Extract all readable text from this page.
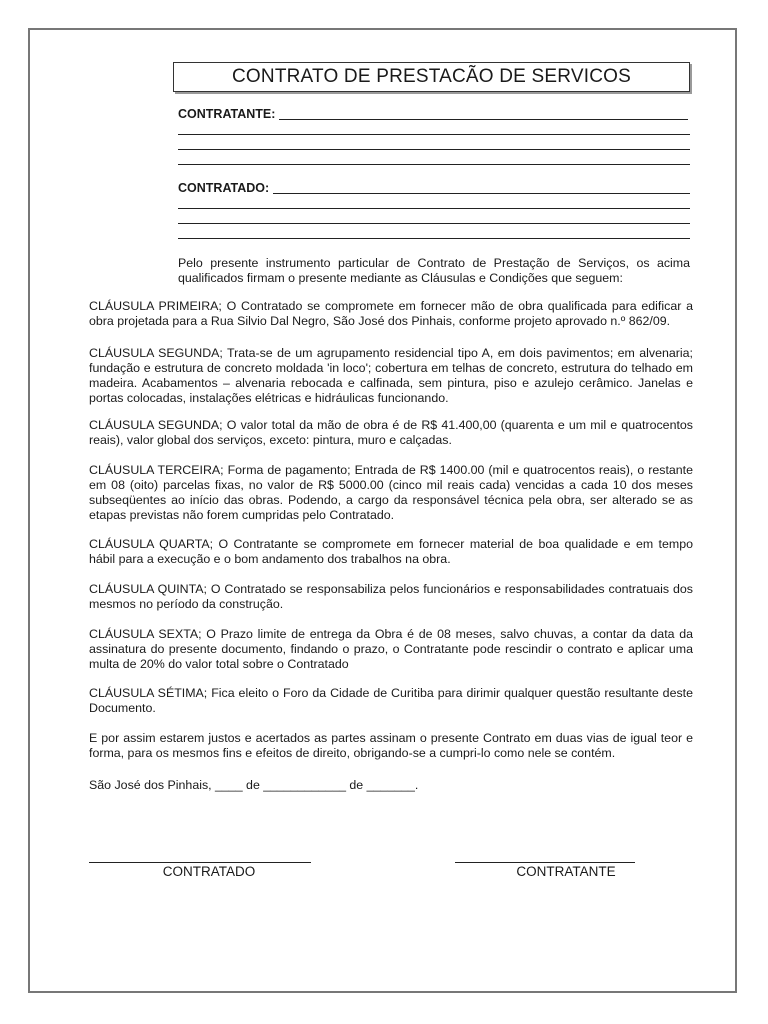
CONTRATO DE PRESTACÃO DE SERVICOS
CONTRATANTE:
CONTRATADO:
Pelo presente instrumento particular de Contrato de Prestação de Serviços, os acima qualificados firmam o presente mediante as Cláusulas e Condições que seguem:
CLÁUSULA PRIMEIRA; O Contratado se compromete em fornecer mão de obra qualificada para edificar a obra projetada para a Rua Silvio Dal Negro, São José dos Pinhais, conforme projeto aprovado n.º 862/09.
CLÁUSULA SEGUNDA; Trata-se de um agrupamento residencial tipo A, em dois pavimentos; em alvenaria; fundação e estrutura de concreto moldada 'in loco'; cobertura em telhas de concreto, estrutura do telhado em madeira. Acabamentos – alvenaria rebocada e calfinada, sem pintura, piso e azulejo cerâmico. Janelas e portas colocadas, instalações elétricas e hidráulicas funcionando.
CLÁUSULA SEGUNDA; O valor total da mão de obra é de R$ 41.400,00 (quarenta e um mil e quatrocentos reais), valor global dos serviços, exceto: pintura, muro e calçadas.
CLÁUSULA TERCEIRA; Forma de pagamento; Entrada de R$ 1400.00 (mil e quatrocentos reais), o restante em 08 (oito) parcelas fixas, no valor de R$ 5000.00 (cinco mil reais cada) vencidas a cada 10 dos meses subseqüentes ao início das obras. Podendo, a cargo da responsável técnica pela obra, ser alterado se as etapas previstas não forem cumpridas pelo Contratado.
CLÁUSULA QUARTA; O Contratante se compromete em fornecer material de boa qualidade e em tempo hábil para a execução e o bom andamento dos trabalhos na obra.
CLÁUSULA QUINTA; O Contratado se responsabiliza pelos funcionários e responsabilidades contratuais dos mesmos no período da construção.
CLÁUSULA SEXTA; O Prazo limite de entrega da Obra é de 08 meses, salvo chuvas, a contar da data da assinatura do presente documento, findando o prazo, o Contratante pode rescindir o contrato e aplicar uma multa de 20% do valor total sobre o Contratado
CLÁUSULA SÉTIMA; Fica eleito o Foro da Cidade de Curitiba para dirimir qualquer questão resultante deste Documento.
E por assim estarem justos e acertados as partes assinam o presente Contrato em duas vias de igual teor e forma, para os mesmos fins e efeitos de direito, obrigando-se a cumpri-lo como nele se contém.
São José dos Pinhais, ____ de ____________ de _______.
CONTRATADO	CONTRATANTE
